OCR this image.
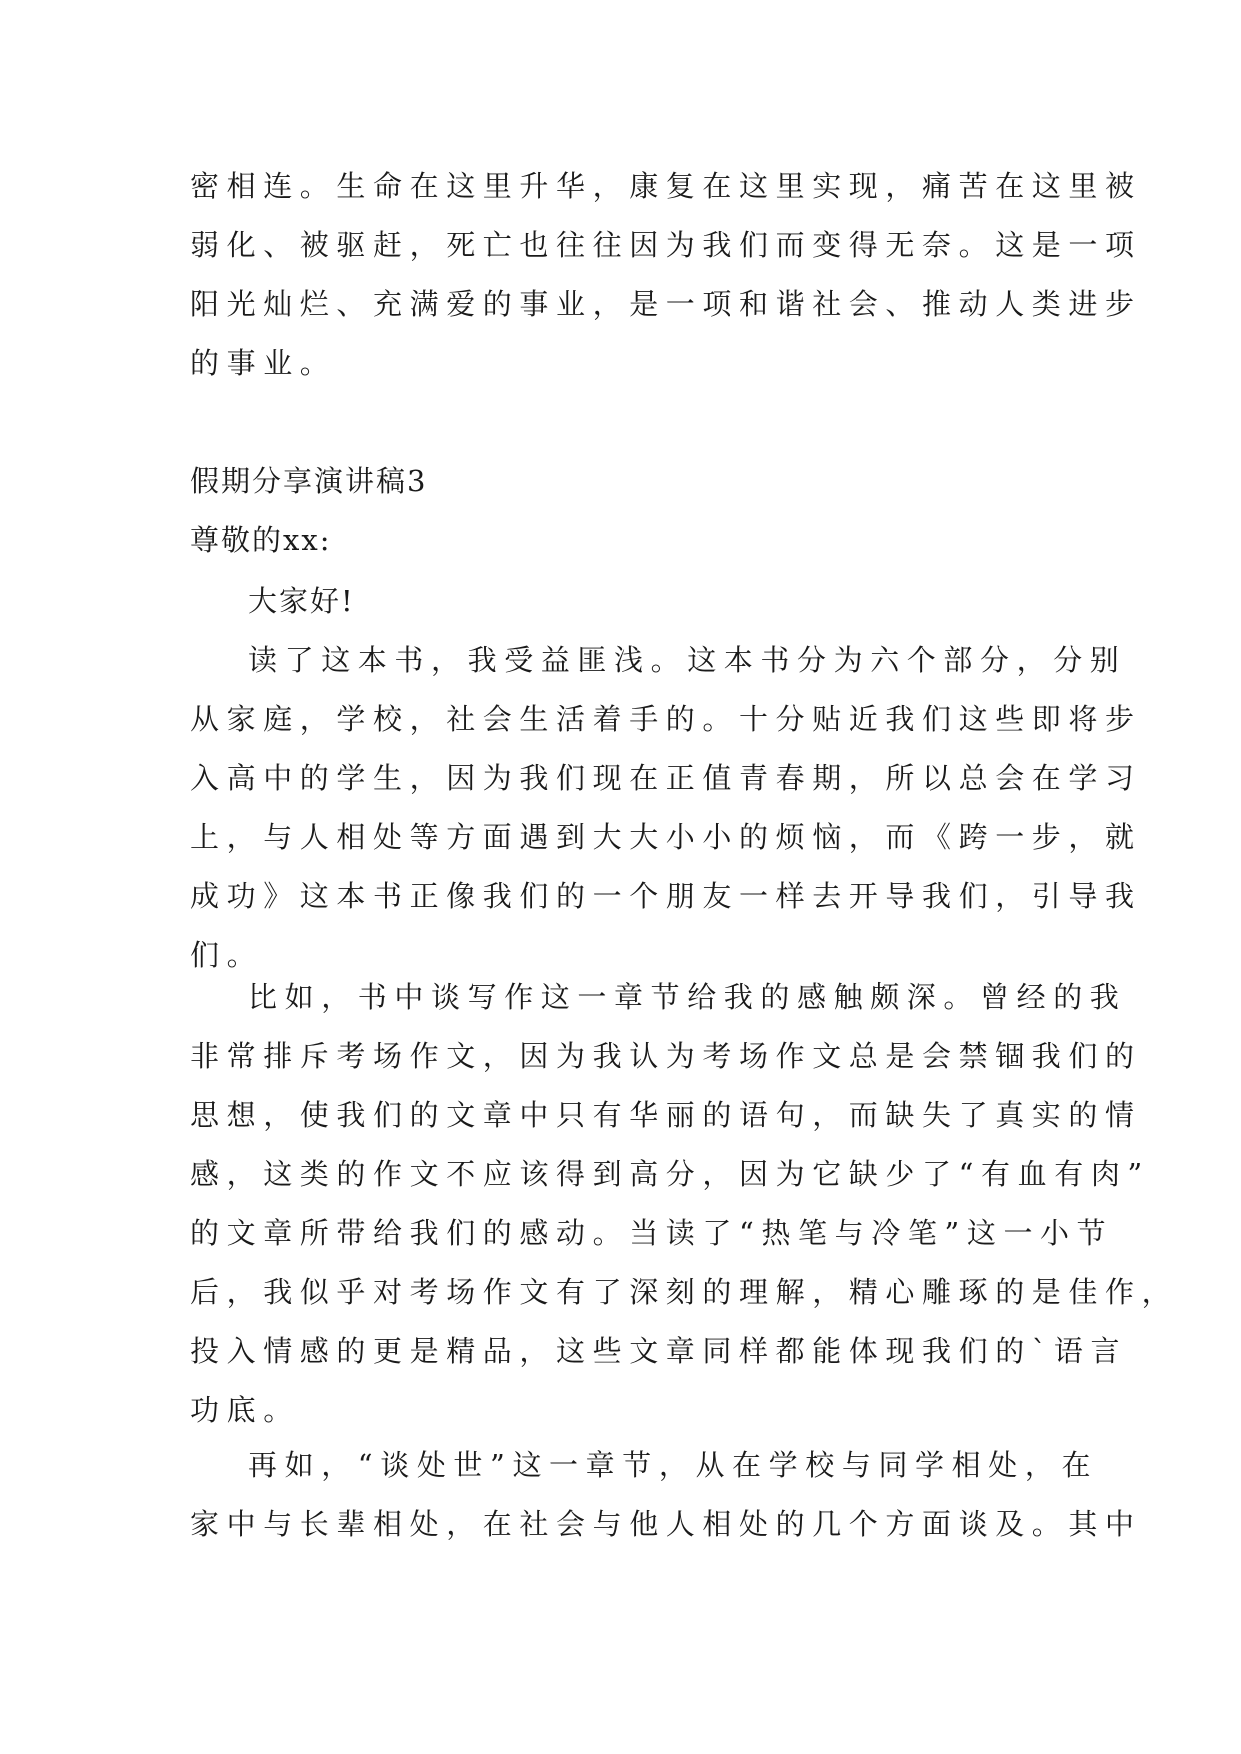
密相连。生命在这里升华，康复在这里实现，痛苦在这里被
弱化、被驱赶，死亡也往往因为我们而变得无奈。这是一项
阳光灿烂、充满爱的事业，是一项和谐社会、推动人类进步
的事业。
假期分享演讲稿3
尊敬的xx:
大家好!
读了这本书，我受益匪浅。这本书分为六个部分，分别
从家庭，学校，社会生活着手的。十分贴近我们这些即将步
入高中的学生，因为我们现在正值青春期，所以总会在学习
上，与人相处等方面遇到大大小小的烦恼，而《跨一步，就
成功》这本书正像我们的一个朋友一样去开导我们，引导我
们。
比如，书中谈写作这一章节给我的感触颇深。曾经的我
非常排斥考场作文，因为我认为考场作文总是会禁锢我们的
思想，使我们的文章中只有华丽的语句，而缺失了真实的情
感，这类的作文不应该得到高分，因为它缺少了“有血有肉”
的文章所带给我们的感动。当读了“热笔与冷笔”这一小节
后，我似乎对考场作文有了深刻的理解，精心雕琢的是佳作，
投入情感的更是精品，这些文章同样都能体现我们的`语言
功底。
再如，“谈处世”这一章节，从在学校与同学相处，在
家中与长辈相处，在社会与他人相处的几个方面谈及。其中
